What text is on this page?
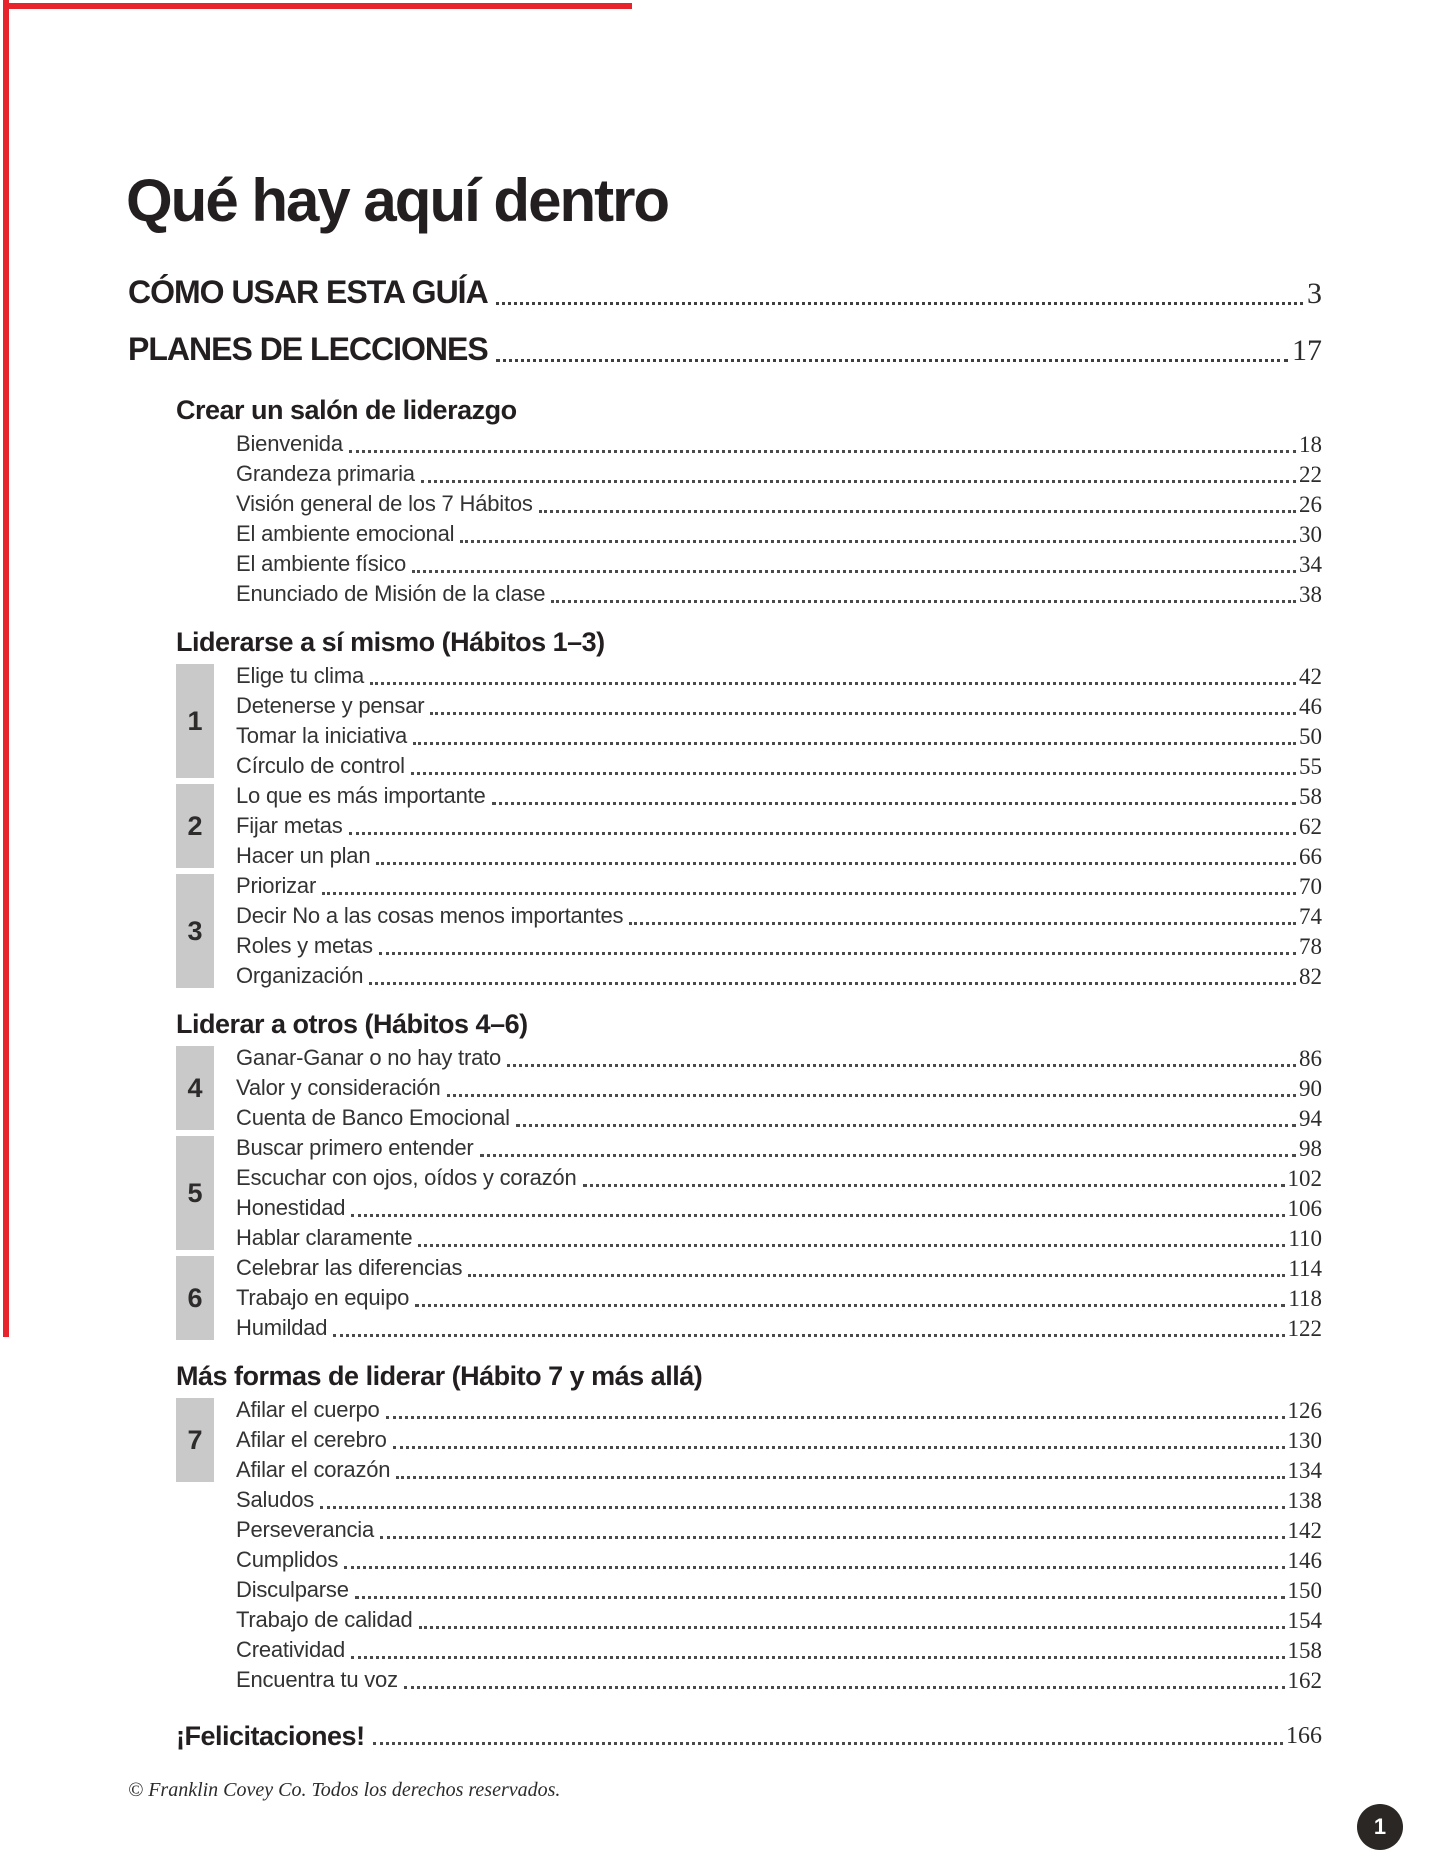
Qué hay aquí dentro
CÓMO USAR ESTA GUÍA	3
PLANES DE LECCIONES	17
Crear un salón de liderazgo
Bienvenida	18
Grandeza primaria	22
Visión general de los 7 Hábitos	26
El ambiente emocional	30
El ambiente físico	34
Enunciado de Misión de la clase	38
Liderarse a sí mismo (Hábitos 1–3)
1
Elige tu clima	42
Detenerse y pensar	46
Tomar la iniciativa	50
Círculo de control	55
2
Lo que es más importante	58
Fijar metas	62
Hacer un plan	66
3
Priorizar	70
Decir No a las cosas menos importantes	74
Roles y metas	78
Organización	82
Liderar a otros (Hábitos 4–6)
4
Ganar-Ganar o no hay trato	86
Valor y consideración	90
Cuenta de Banco Emocional	94
5
Buscar primero entender	98
Escuchar con ojos, oídos y corazón	102
Honestidad	106
Hablar claramente	110
6
Celebrar las diferencias	114
Trabajo en equipo	118
Humildad	122
Más formas de liderar (Hábito 7 y más allá)
7
Afilar el cuerpo	126
Afilar el cerebro	130
Afilar el corazón	134
Saludos	138
Perseverancia	142
Cumplidos	146
Disculparse	150
Trabajo de calidad	154
Creatividad	158
Encuentra tu voz	162
¡Felicitaciones!	166
© Franklin Covey Co. Todos los derechos reservados.
1
